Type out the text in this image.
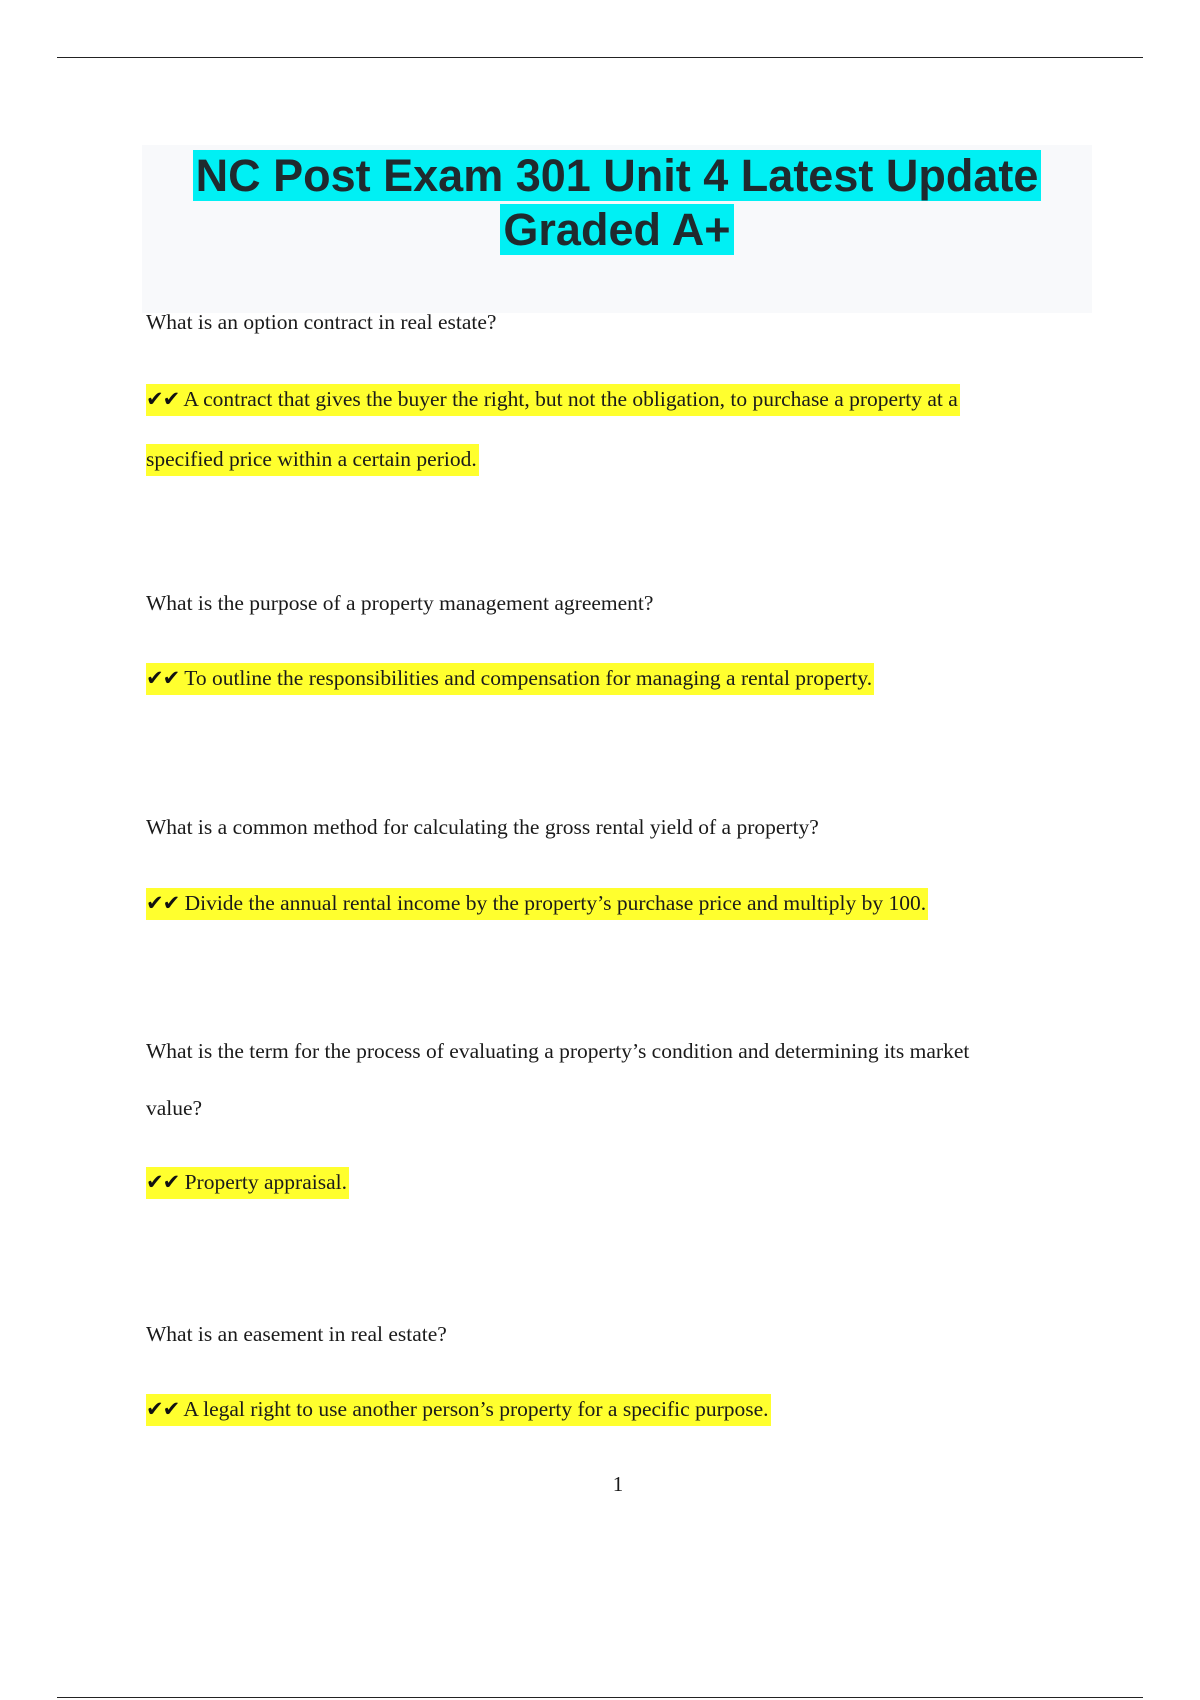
NC Post Exam 301 Unit 4 Latest Update
Graded A+
What is an option contract in real estate?
✔✔ A contract that gives the buyer the right, but not the obligation, to purchase a property at a
specified price within a certain period.
What is the purpose of a property management agreement?
✔✔ To outline the responsibilities and compensation for managing a rental property.
What is a common method for calculating the gross rental yield of a property?
✔✔ Divide the annual rental income by the property’s purchase price and multiply by 100.
What is the term for the process of evaluating a property’s condition and determining its market
value?
✔✔ Property appraisal.
What is an easement in real estate?
✔✔ A legal right to use another person’s property for a specific purpose.
1
